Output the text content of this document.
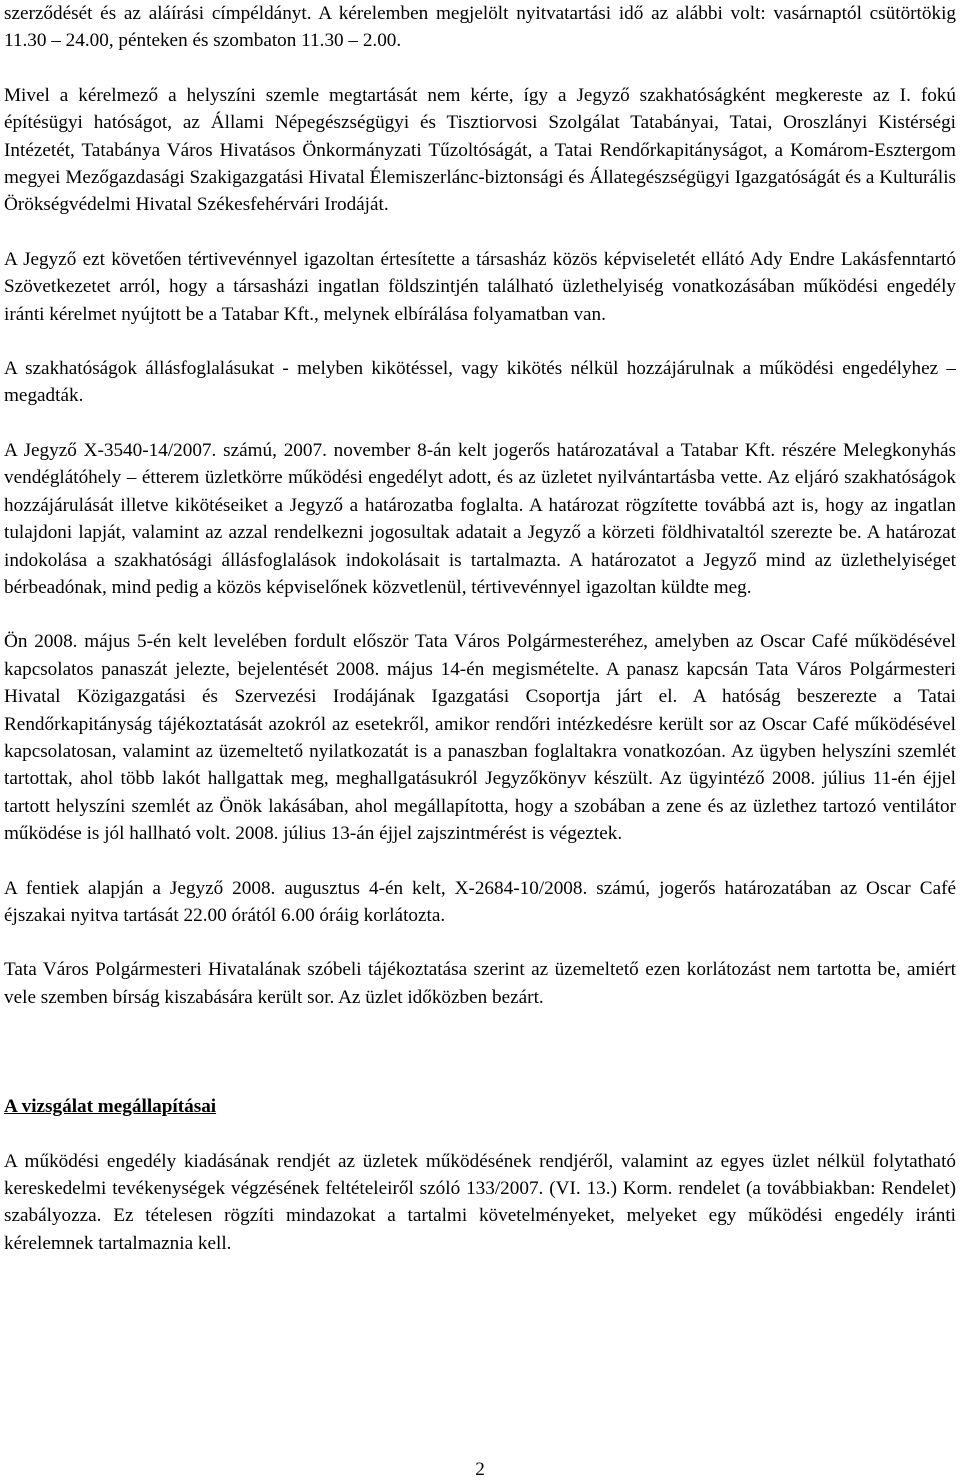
szerződését és az aláírási címpéldányt. A kérelemben megjelölt nyitvatartási idő az alábbi volt: vasárnaptól csütörtökig 11.30 – 24.00, pénteken és szombaton 11.30 – 2.00.

Mivel a kérelmező a helyszíni szemle megtartását nem kérte, így a Jegyző szakhatóságként megkereste az I. fokú építésügyi hatóságot, az Állami Népegészségügyi és Tisztiorvosi Szolgálat Tatabányai, Tatai, Oroszlányi Kistérségi Intézetét, Tatabánya Város Hivatásos Önkormányzati Tűzoltóságát, a Tatai Rendőrkapitányságot, a Komárom-Esztergom megyei Mezőgazdasági Szakigazgatási Hivatal Élemiszerlánc-biztonsági és Állategészségügyi Igazgatóságát és a Kulturális Örökségvédelmi Hivatal Székesfehérvári Irodáját.

A Jegyző ezt követően tértivevénnyel igazoltan értesítette a társasház közös képviseletét ellátó Ady Endre Lakásfenntartó Szövetkezetet arról, hogy a társasházi ingatlan földszintjén található üzlethelyiség vonatkozásában működési engedély iránti kérelmet nyújtott be a Tatabar Kft., melynek elbírálása folyamatban van.

A szakhatóságok állásfoglalásukat - melyben kikötéssel, vagy kikötés nélkül hozzájárulnak a működési engedélyhez – megadták.

A Jegyző X-3540-14/2007. számú, 2007. november 8-án kelt jogerős határozatával a Tatabar Kft. részére Melegkonyhás vendéglátóhely – étterem üzletkörre működési engedélyt adott, és az üzletet nyilvántartásba vette. Az eljáró szakhatóságok hozzájárulását illetve kikötéseiket a Jegyző a határozatba foglalta. A határozat rögzítette továbbá azt is, hogy az ingatlan tulajdoni lapját, valamint az azzal rendelkezni jogosultak adatait a Jegyző a körzeti földhivataltól szerezte be. A határozat indokolása a szakhatósági állásfoglalások indokolásait is tartalmazta. A határozatot a Jegyző mind az üzlethelyiséget bérbeadónak, mind pedig a közös képviselőnek közvetlenül, tértivevénnyel igazoltan küldte meg.

Ön 2008. május 5-én kelt levelében fordult először Tata Város Polgármesteréhez, amelyben az Oscar Café működésével kapcsolatos panaszát jelezte, bejelentését 2008. május 14-én megismételte. A panasz kapcsán Tata Város Polgármesteri Hivatal Közigazgatási és Szervezési Irodájának Igazgatási Csoportja járt el. A hatóság beszerezte a Tatai Rendőrkapitányság tájékoztatását azokról az esetekről, amikor rendőri intézkedésre került sor az Oscar Café működésével kapcsolatosan, valamint az üzemeltető nyilatkozatát is a panaszban foglaltakra vonatkozóan. Az ügyben helyszíni szemlét tartottak, ahol több lakót hallgattak meg, meghallgatásukról Jegyzőkönyv készült. Az ügyintéző 2008. július 11-én éjjel tartott helyszíni szemlét az Önök lakásában, ahol megállapította, hogy a szobában a zene és az üzlethez tartozó ventilátor működése is jól hallható volt. 2008. július 13-án éjjel zajszintmérést is végeztek.

A fentiek alapján a Jegyző 2008. augusztus 4-én kelt, X-2684-10/2008. számú, jogerős határozatában az Oscar Café éjszakai nyitva tartását 22.00 órától 6.00 óráig korlátozta.

Tata Város Polgármesteri Hivatalának szóbeli tájékoztatása szerint az üzemeltető ezen korlátozást nem tartotta be, amiért vele szemben bírság kiszabására került sor. Az üzlet időközben bezárt.

A vizsgálat megállapításai

A működési engedély kiadásának rendjét az üzletek működésének rendjéről, valamint az egyes üzlet nélkül folytatható kereskedelmi tevékenységek végzésének feltételeiről szóló 133/2007. (VI. 13.) Korm. rendelet (a továbbiakban: Rendelet) szabályozza. Ez tételesen rögzíti mindazokat a tartalmi követelményeket, melyeket egy működési engedély iránti kérelemnek tartalmaznia kell.

2
